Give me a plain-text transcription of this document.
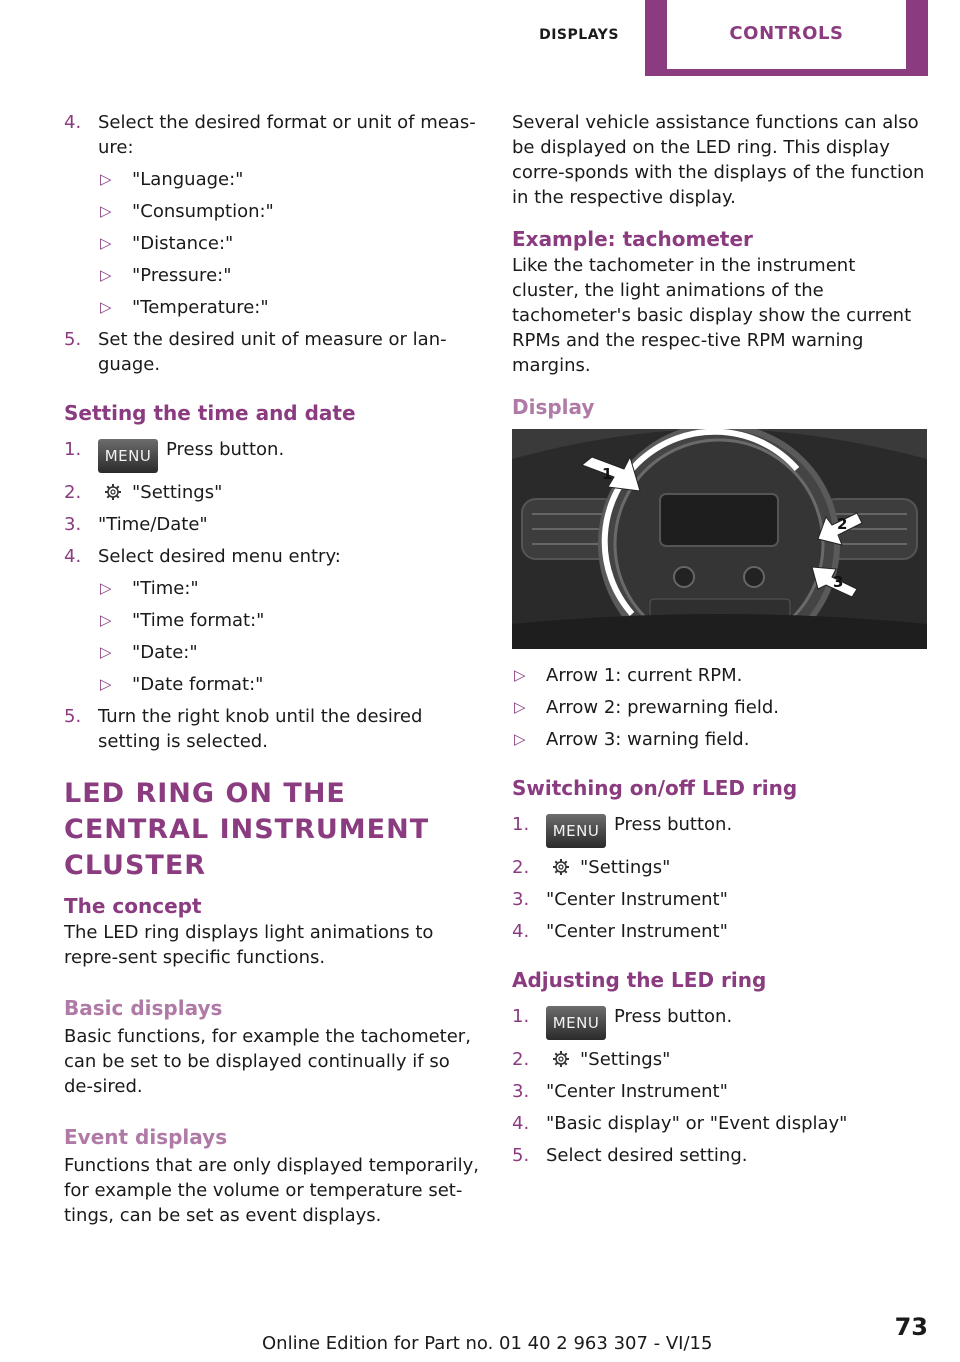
DISPLAYS	CONTROLS
4. Select the desired format or unit of meas‐ure:
▷ "Language:"
▷ "Consumption:"
▷ "Distance:"
▷ "Pressure:"
▷ "Temperature:"
5. Set the desired unit of measure or lan‐guage.
Setting the time and date
1. MENU Press button.
2.	"Settings"
3. "Time/Date"
4. Select desired menu entry:
▷ "Time:"
▷ "Time format:"
▷ "Date:"
▷ "Date format:"
5. Turn the right knob until the desired setting is selected.
LED RING ON THE CENTRAL INSTRUMENT CLUSTER
The concept

The LED ring displays light animations to repre‐sent specific functions.

Basic displays

Basic functions, for example the tachometer, can be set to be displayed continually if so de‐sired.

Event displays

Functions that are only displayed temporarily, for example the volume or temperature set‐tings, can be set as event displays.

Several vehicle assistance functions can also be displayed on the LED ring. This display corre‐sponds with the displays of the function in the respective display.

Example: tachometer

Like the tachometer in the instrument cluster, the light animations of the tachometer's basic display show the current RPMs and the respec‐tive RPM warning margins.

Display
1
2
3
▷ Arrow 1: current RPM.
▷ Arrow 2: prewarning field.
▷ Arrow 3: warning field.
Switching on/off LED ring
1. MENU Press button.
2.	"Settings"
3. "Center Instrument"
4. "Center Instrument"
Adjusting the LED ring
1. MENU Press button.
2.	"Settings"
3. "Center Instrument"
4. "Basic display" or "Event display"
5. Select desired setting.
Online Edition for Part no. 01 40 2 963 307 - VI/15
73
